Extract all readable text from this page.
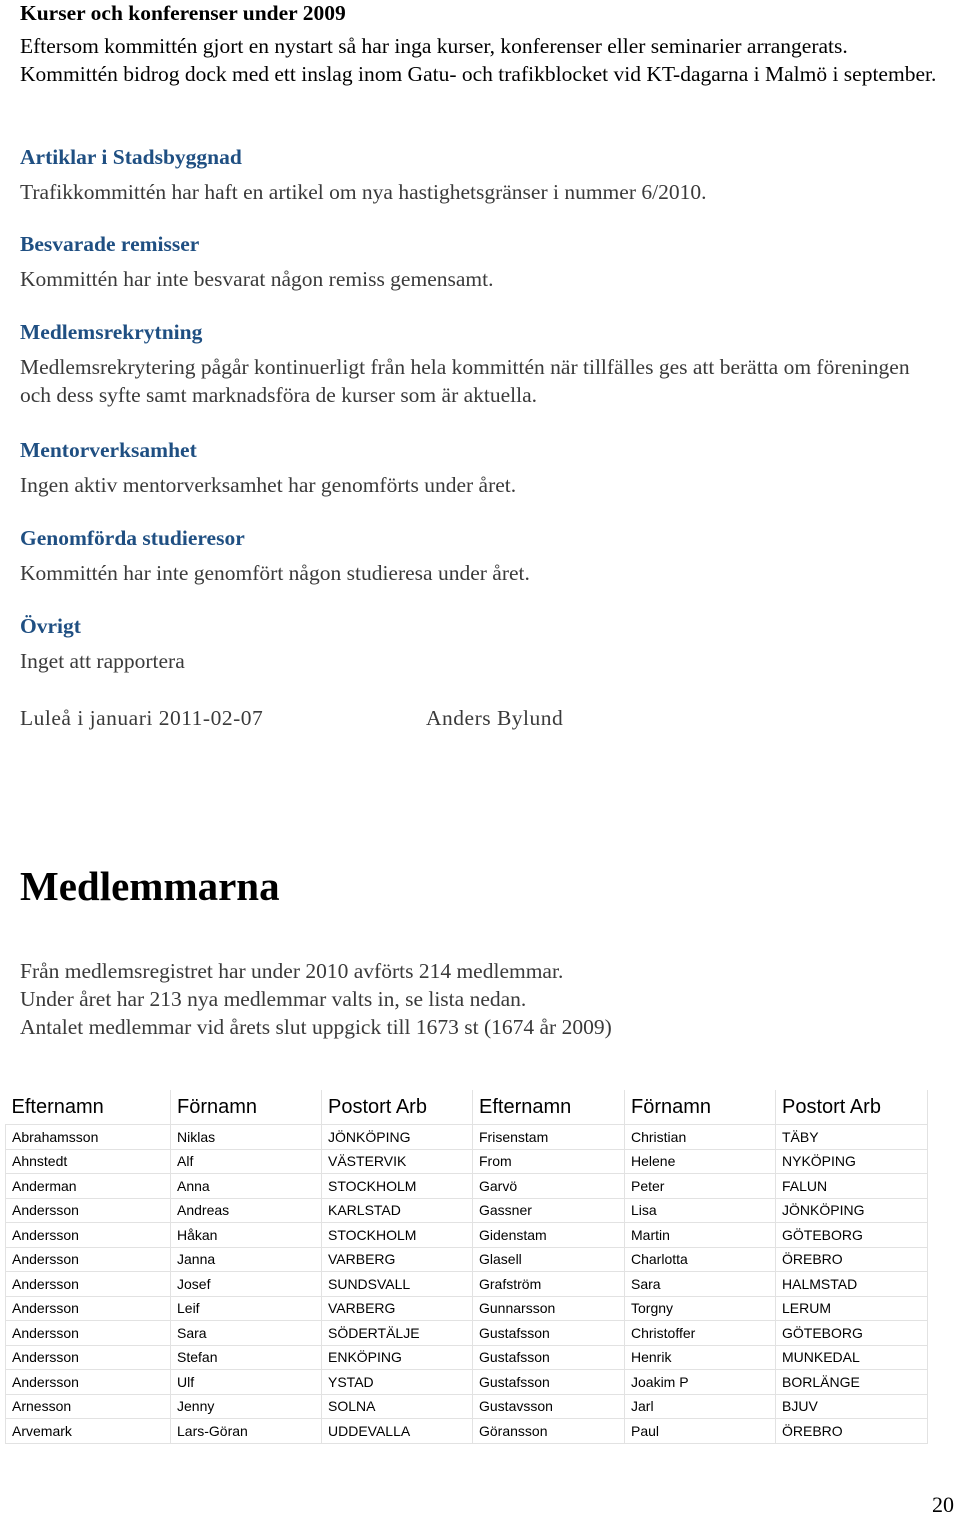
Kurser och konferenser under 2009

Eftersom kommittén gjort en nystart så har inga kurser, konferenser eller seminarier arrangerats. Kommittén bidrog dock med ett inslag inom Gatu- och trafikblocket vid KT-dagarna i Malmö i september.

Artiklar i Stadsbyggnad

Trafikkommittén har haft en artikel om nya hastighetsgränser i nummer 6/2010.

Besvarade remisser

Kommittén har inte besvarat någon remiss gemensamt.

Medlemsrekrytning

Medlemsrekrytering pågår kontinuerligt från hela kommittén när tillfälles ges att berätta om föreningen och dess syfte samt marknadsföra de kurser som är aktuella.

Mentorverksamhet

Ingen aktiv mentorverksamhet har genomförts under året.

Genomförda studieresor

Kommittén har inte genomfört någon studieresa under året.

Övrigt

Inget att rapportera

Luleå i januari 2011-02-07	Anders Bylund
Medlemmarna

Från medlemsregistret har under 2010 avförts 214 medlemmar.

Under året har 213 nya medlemmar valts in, se lista nedan.

Antalet medlemmar vid årets slut uppgick till 1673 st (1674 år 2009)

Efternamn	Förnamn	Postort Arb	Efternamn	Förnamn	Postort Arb
Abrahamsson	Niklas	JÖNKÖPING	Frisenstam	Christian	TÄBY
Ahnstedt	Alf	VÄSTERVIK	From	Helene	NYKÖPING
Anderman	Anna	STOCKHOLM	Garvö	Peter	FALUN
Andersson	Andreas	KARLSTAD	Gassner	Lisa	JÖNKÖPING
Andersson	Håkan	STOCKHOLM	Gidenstam	Martin	GÖTEBORG
Andersson	Janna	VARBERG	Glasell	Charlotta	ÖREBRO
Andersson	Josef	SUNDSVALL	Grafström	Sara	HALMSTAD
Andersson	Leif	VARBERG	Gunnarsson	Torgny	LERUM
Andersson	Sara	SÖDERTÄLJE	Gustafsson	Christoffer	GÖTEBORG
Andersson	Stefan	ENKÖPING	Gustafsson	Henrik	MUNKEDAL
Andersson	Ulf	YSTAD	Gustafsson	Joakim P	BORLÄNGE
Arnesson	Jenny	SOLNA	Gustavsson	Jarl	BJUV
Arvemark	Lars-Göran	UDDEVALLA	Göransson	Paul	ÖREBRO
20
